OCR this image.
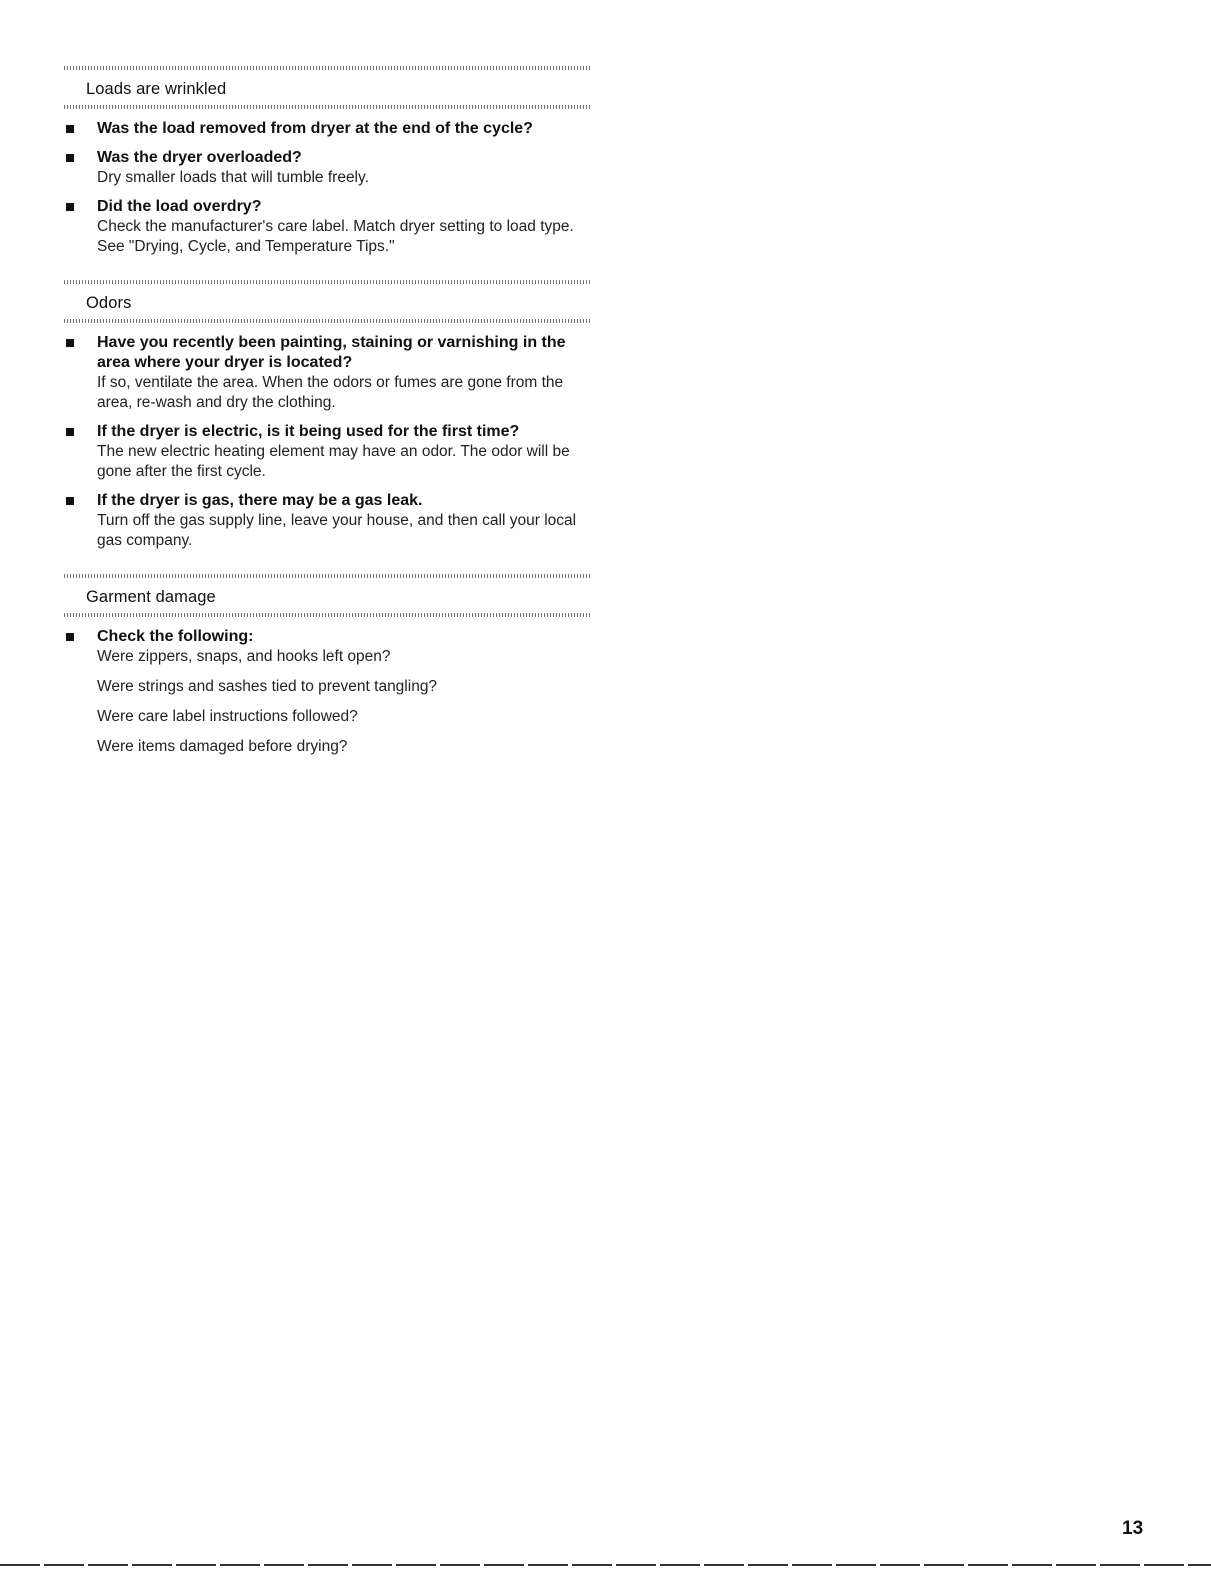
Loads are wrinkled
Was the load removed from dryer at the end of the cycle?
Was the dryer overloaded?
Dry smaller loads that will tumble freely.
Did the load overdry?
Check the manufacturer's care label. Match dryer setting to load type. See "Drying, Cycle, and Temperature Tips."
Odors
Have you recently been painting, staining or varnishing in the area where your dryer is located?
If so, ventilate the area. When the odors or fumes are gone from the area, re-wash and dry the clothing.
If the dryer is electric, is it being used for the first time?
The new electric heating element may have an odor. The odor will be gone after the first cycle.
If the dryer is gas, there may be a gas leak.
Turn off the gas supply line, leave your house, and then call your local gas company.
Garment damage
Check the following:
Were zippers, snaps, and hooks left open?
Were strings and sashes tied to prevent tangling?
Were care label instructions followed?
Were items damaged before drying?
13
